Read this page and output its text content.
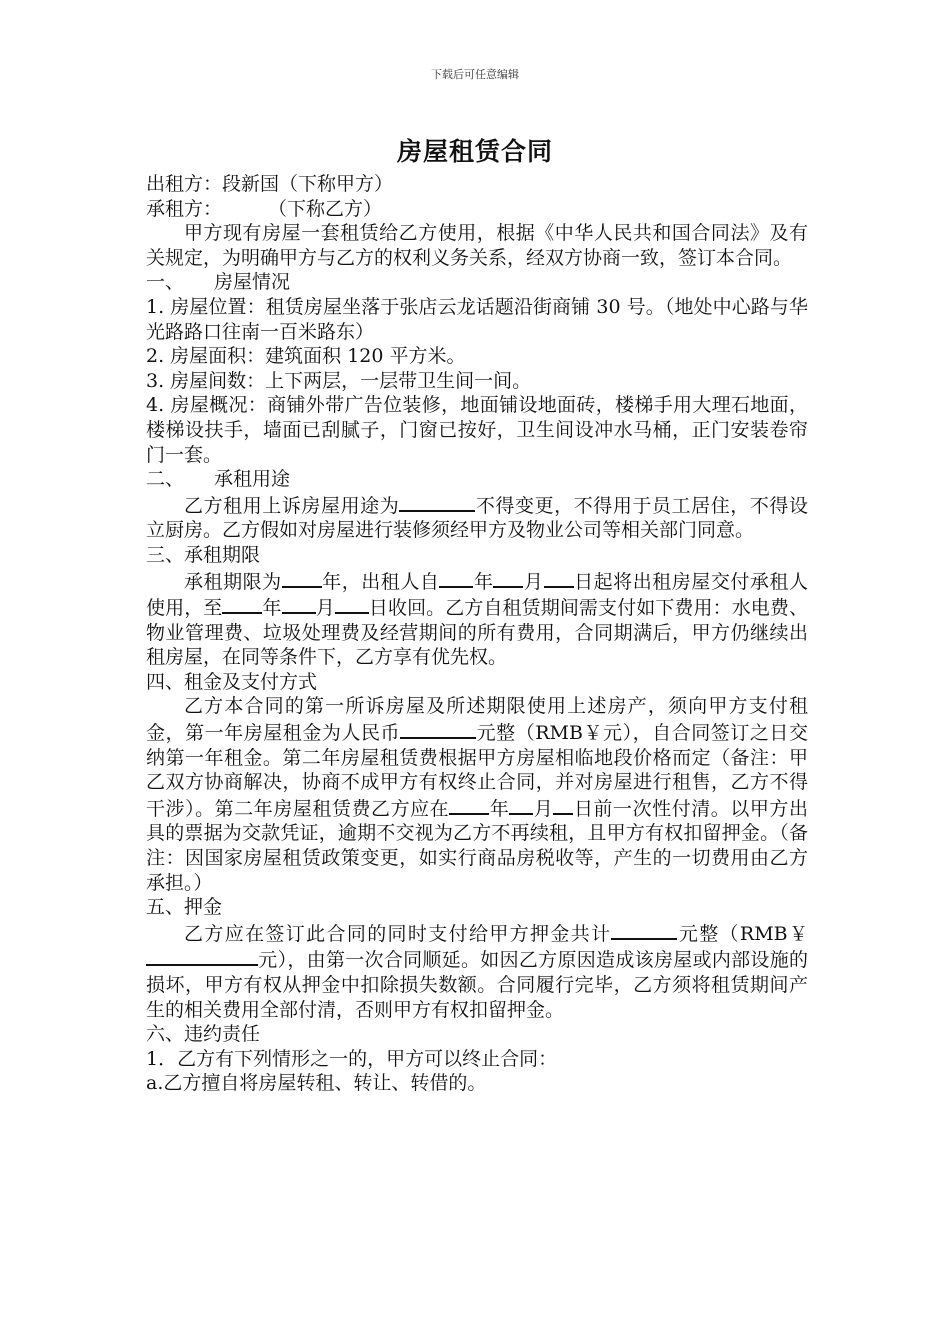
下载后可任意编辑
房屋租赁合同

出租方：段新国（下称甲方）

承租方： （下称乙方）

甲方现有房屋一套租赁给乙方使用，根据《中华人民共和国合同法》及有关规定，为明确甲方与乙方的权利义务关系，经双方协商一致，签订本合同。

一、 房屋情况

1. 房屋位置：租赁房屋坐落于张店云龙话题沿街商铺 30 号。（地处中心路与华光路路口往南一百米路东）

2. 房屋面积：建筑面积 120 平方米。

3. 房屋间数：上下两层，一层带卫生间一间。

4. 房屋概况：商铺外带广告位装修，地面铺设地面砖，楼梯手用大理石地面，楼梯设扶手，墙面已刮腻子，门窗已按好，卫生间设冲水马桶，正门安装卷帘门一套。

二、 承租用途

乙方租用上诉房屋用途为	不得变更，不得用于员工居住，不得设立厨房。乙方假如对房屋进行装修须经甲方及物业公司等相关部门同意。

三、承租期限

承租期限为 年，出租人自 年 月 日起将出租房屋交付承租人使用，至 年 月 日收回。乙方自租赁期间需支付如下费用：水电费、物业管理费、垃圾处理费及经营期间的所有费用，合同期满后，甲方仍继续出租房屋，在同等条件下，乙方享有优先权。

四、租金及支付方式

乙方本合同的第一所诉房屋及所述期限使用上述房产，须向甲方支付租金，第一年房屋租金为人民币	元整（RMB￥元），自合同签订之日交纳第一年租金。第二年房屋租赁费根据甲方房屋相临地段价格而定（备注：甲乙双方协商解决，协商不成甲方有权终止合同，并对房屋进行租售，乙方不得干涉）。第二年房屋租赁费乙方应在 年 月 日前一次性付清。以甲方出具的票据为交款凭证，逾期不交视为乙方不再续租，且甲方有权扣留押金。（备注：因国家房屋租赁政策变更，如实行商品房税收等，产生的一切费用由乙方承担。）

五、押金

乙方应在签订此合同的同时支付给甲方押金共计	元整（RMB￥元），由第一次合同顺延。如因乙方原因造成该房屋或内部设施的损坏，甲方有权从押金中扣除损失数额。合同履行完毕，乙方须将租赁期间产生的相关费用全部付清，否则甲方有权扣留押金。

六、违约责任

1．乙方有下列情形之一的，甲方可以终止合同：

a.乙方擅自将房屋转租、转让、转借的。
